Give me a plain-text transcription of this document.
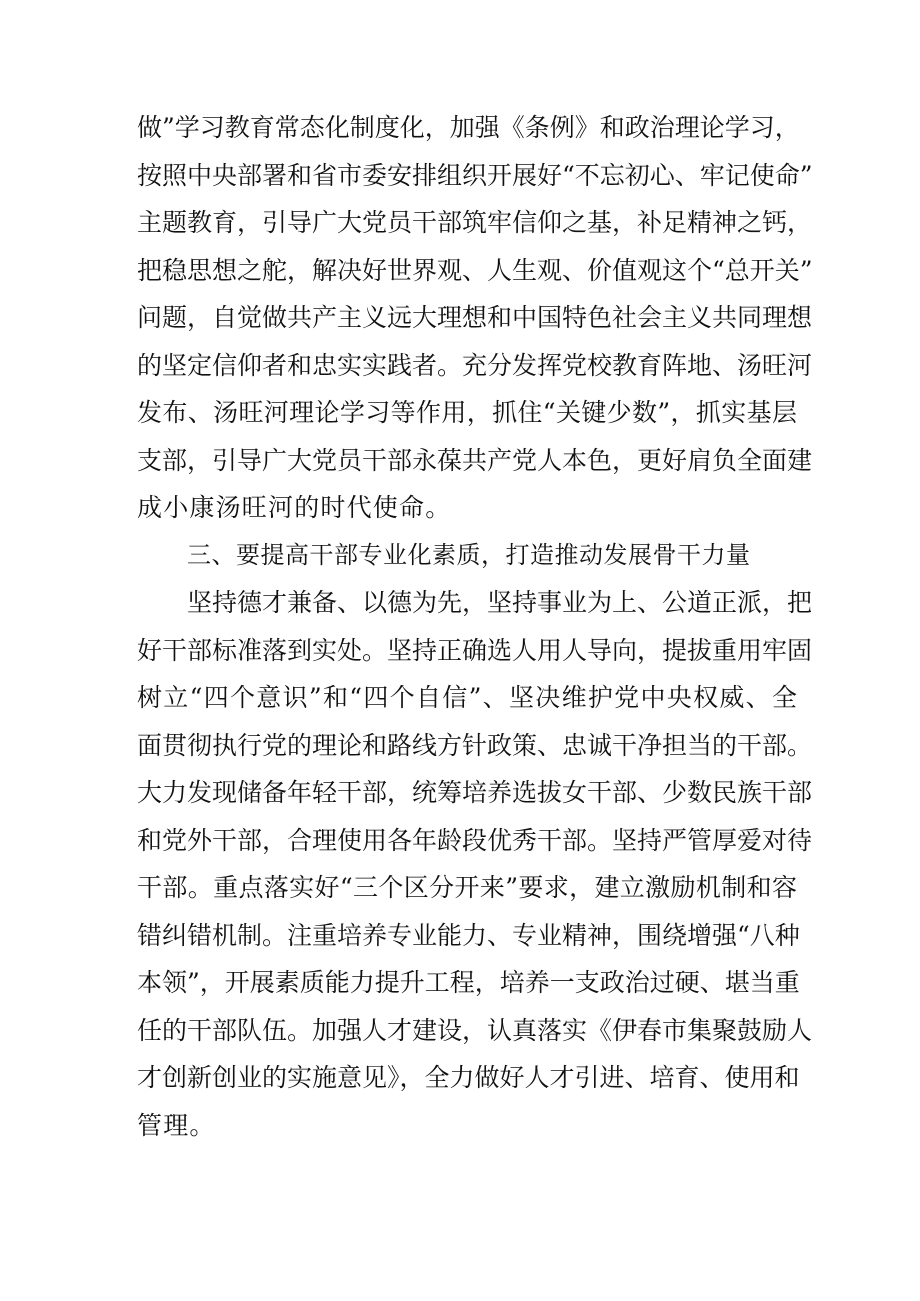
做”学习教育常态化制度化，加强《条例》和政治理论学习，
按照中央部署和省市委安排组织开展好“不忘初心、牢记使命”
主题教育，引导广大党员干部筑牢信仰之基，补足精神之钙，
把稳思想之舵，解决好世界观、人生观、价值观这个“总开关”
问题，自觉做共产主义远大理想和中国特色社会主义共同理想
的坚定信仰者和忠实实践者。充分发挥党校教育阵地、汤旺河
发布、汤旺河理论学习等作用，抓住“关键少数”，抓实基层
支部，引导广大党员干部永葆共产党人本色，更好肩负全面建
成小康汤旺河的时代使命。
三、要提高干部专业化素质，打造推动发展骨干力量
坚持德才兼备、以德为先，坚持事业为上、公道正派，把
好干部标准落到实处。坚持正确选人用人导向，提拔重用牢固
树立“四个意识”和“四个自信”、坚决维护党中央权威、全
面贯彻执行党的理论和路线方针政策、忠诚干净担当的干部。
大力发现储备年轻干部，统筹培养选拔女干部、少数民族干部
和党外干部，合理使用各年龄段优秀干部。坚持严管厚爱对待
干部。重点落实好“三个区分开来”要求，建立激励机制和容
错纠错机制。注重培养专业能力、专业精神，围绕增强“八种
本领”，开展素质能力提升工程，培养一支政治过硬、堪当重
任的干部队伍。加强人才建设，认真落实《伊春市集聚鼓励人
才创新创业的实施意见》，全力做好人才引进、培育、使用和
管理。
